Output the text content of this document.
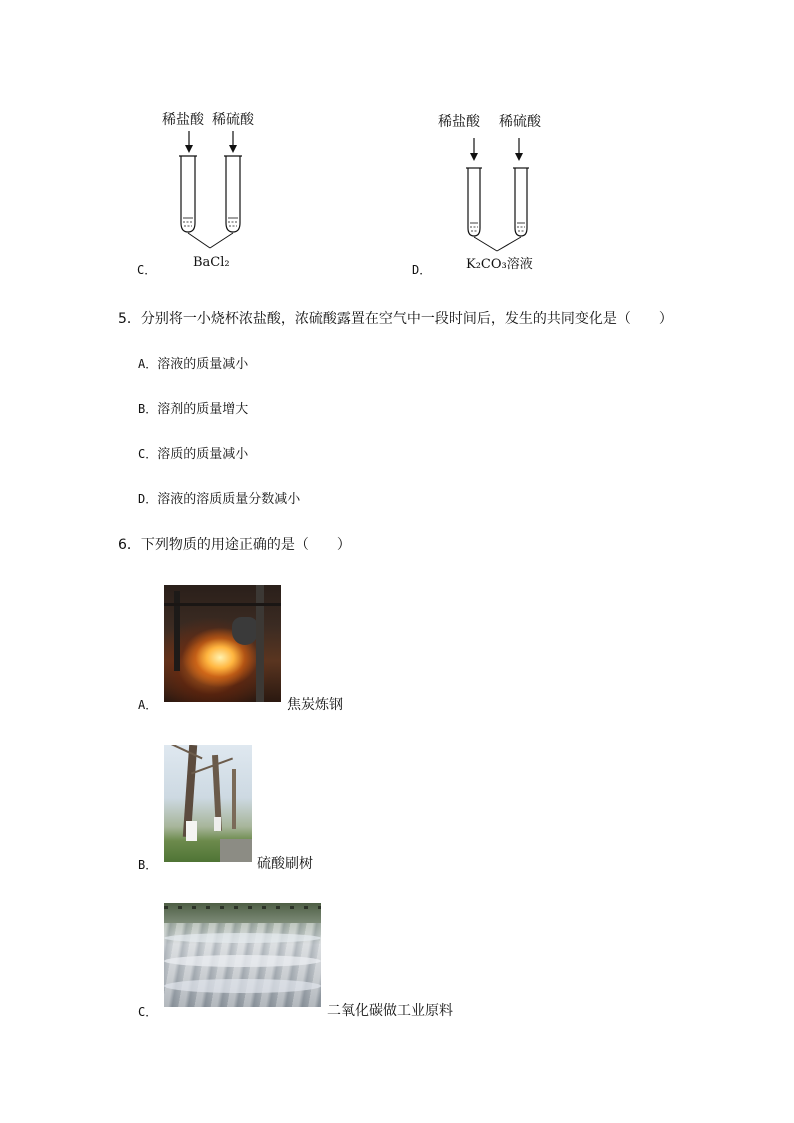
稀盐酸 稀硫酸
BaCl₂
C．
稀盐酸 稀硫酸
K₂CO₃溶液
D．
5．分别将一小烧杯浓盐酸，浓硫酸露置在空气中一段时间后，发生的共同变化是（　　）
A．溶液的质量减小
B．溶剂的质量增大
C．溶质的质量减小
D．溶液的溶质质量分数减小
6．下列物质的用途正确的是（　　）
A．	焦炭炼钢
B．	硫酸刷树
C．	二氧化碳做工业原料
